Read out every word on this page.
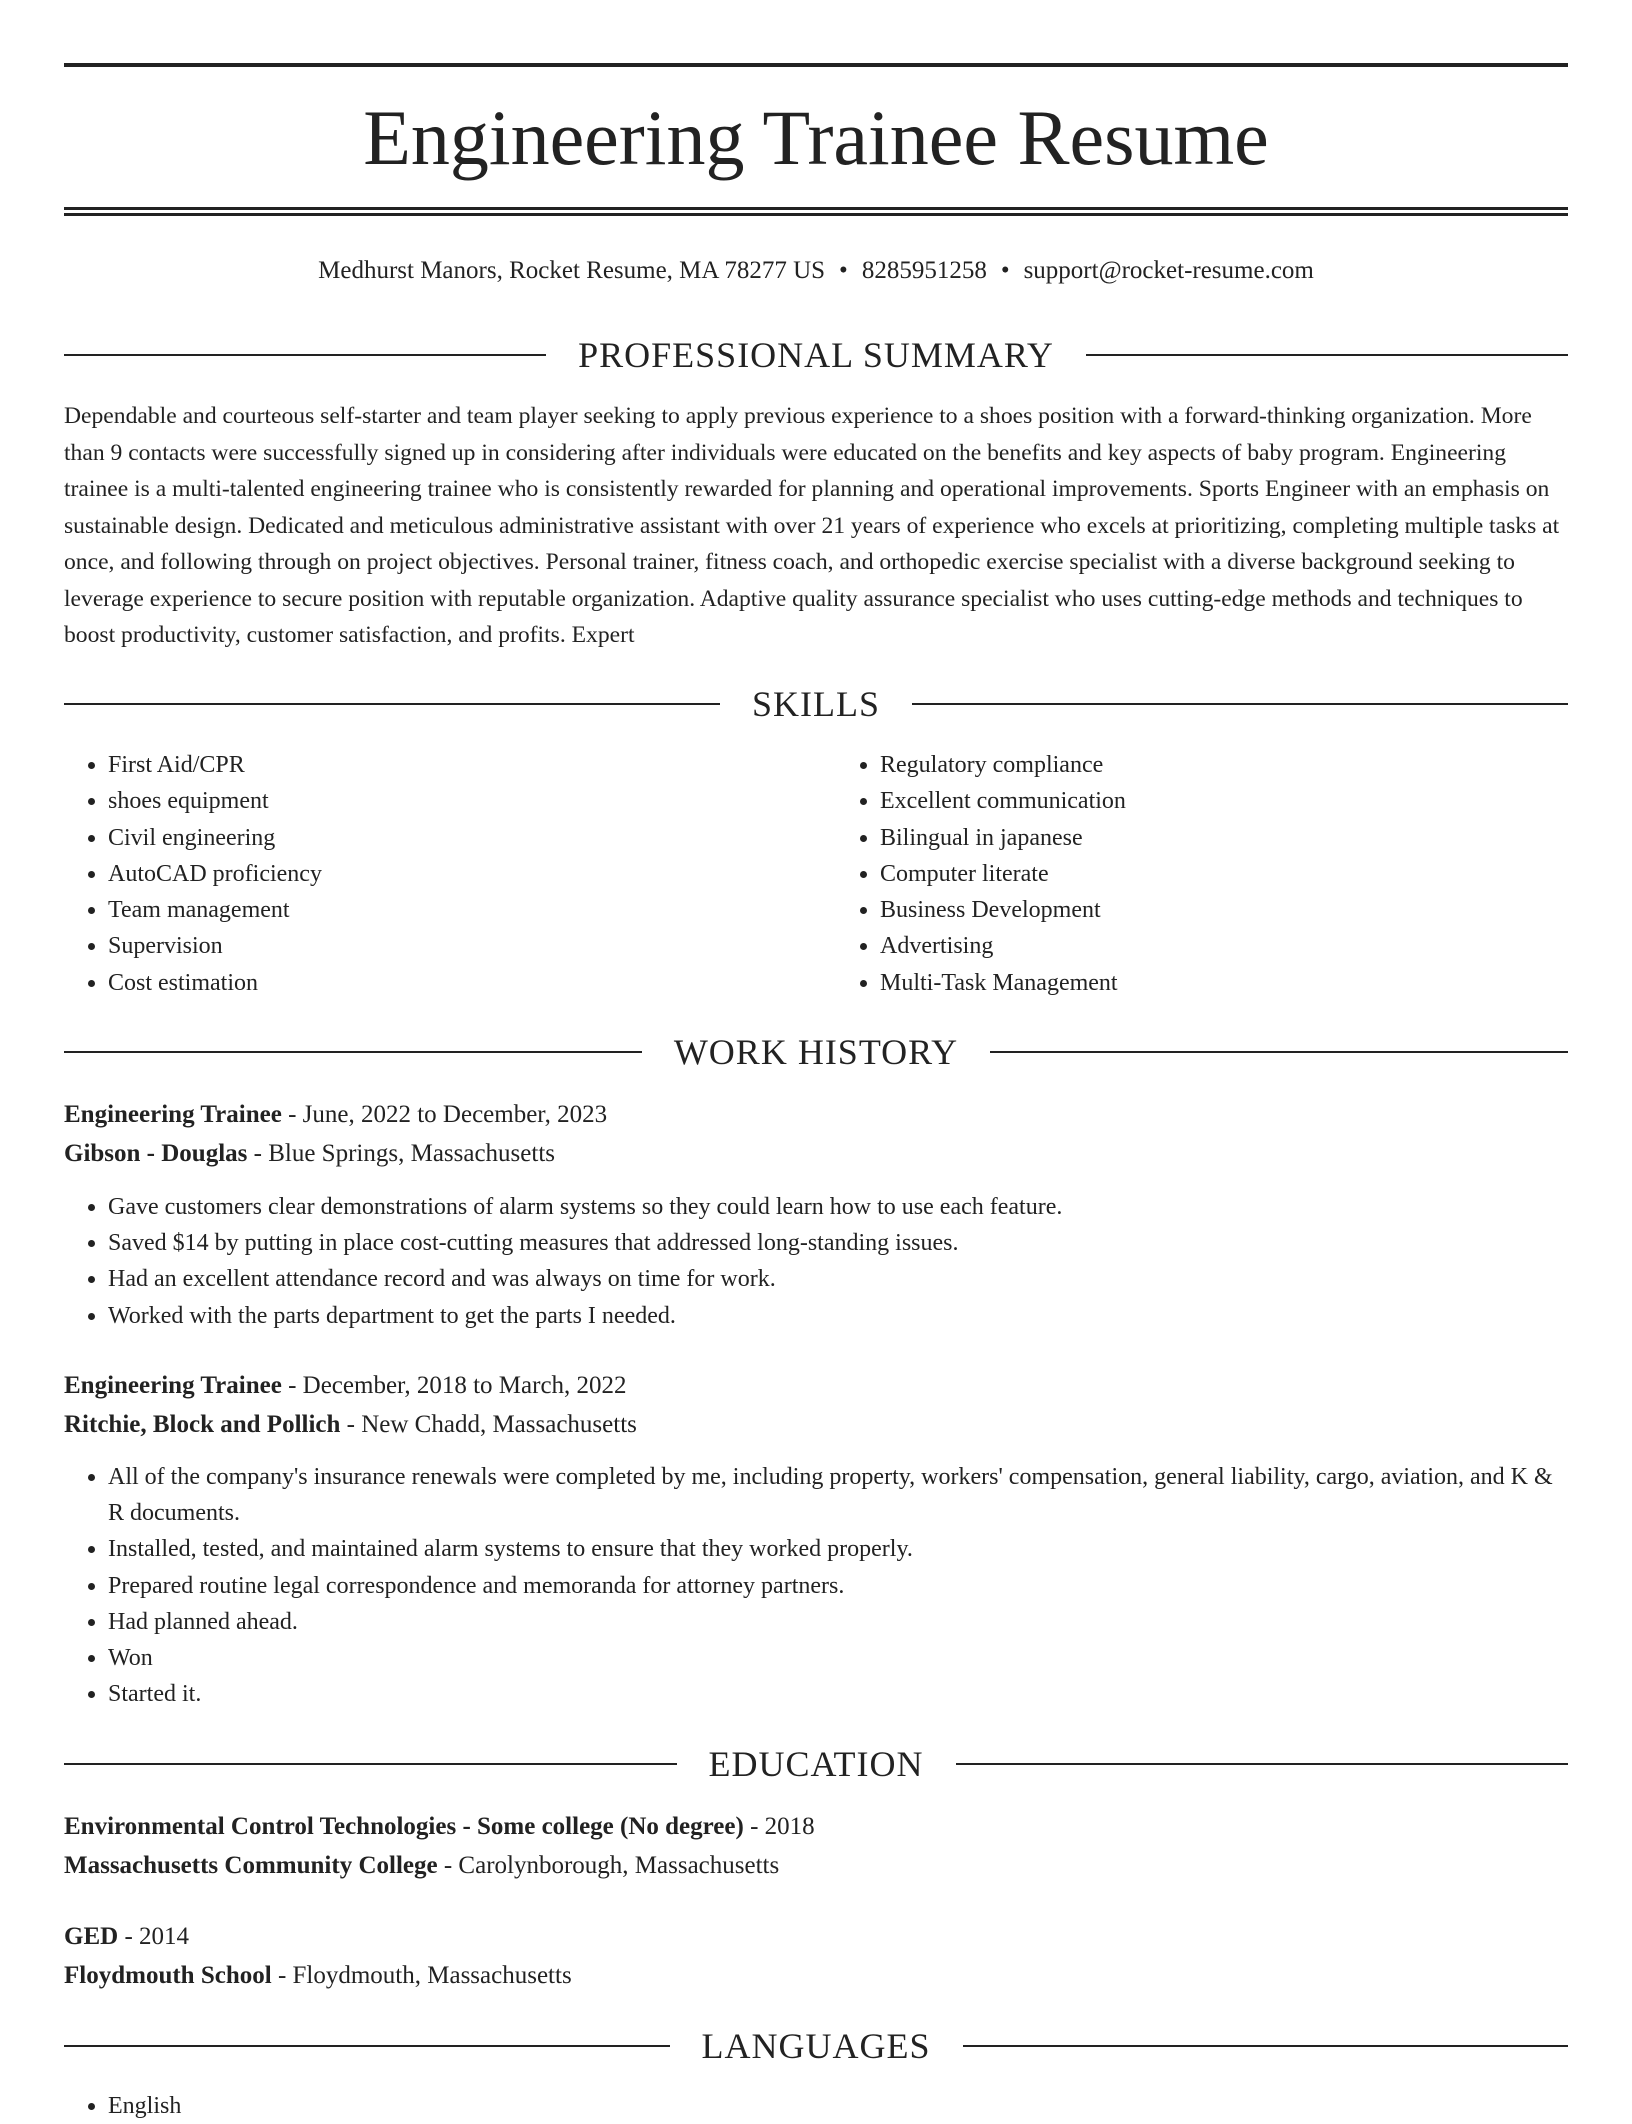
Engineering Trainee Resume
Medhurst Manors, Rocket Resume, MA 78277 US • 8285951258 • support@rocket-resume.com
PROFESSIONAL SUMMARY

Dependable and courteous self-starter and team player seeking to apply previous experience to a shoes position with a forward-thinking organization. More than 9 contacts were successfully signed up in considering after individuals were educated on the benefits and key aspects of baby program. Engineering trainee is a multi-talented engineering trainee who is consistently rewarded for planning and operational improvements. Sports Engineer with an emphasis on sustainable design. Dedicated and meticulous administrative assistant with over 21 years of experience who excels at prioritizing, completing multiple tasks at once, and following through on project objectives. Personal trainer, fitness coach, and orthopedic exercise specialist with a diverse background seeking to leverage experience to secure position with reputable organization. Adaptive quality assurance specialist who uses cutting-edge methods and techniques to boost productivity, customer satisfaction, and profits. Expert

SKILLS
• First Aid/CPR
• shoes equipment
• Civil engineering
• AutoCAD proficiency
• Team management
• Supervision
• Cost estimation
• Regulatory compliance
• Excellent communication
• Bilingual in japanese
• Computer literate
• Business Development
• Advertising
• Multi-Task Management
WORK HISTORY
Engineering Trainee - June, 2022 to December, 2023
Gibson - Douglas - Blue Springs, Massachusetts
• Gave customers clear demonstrations of alarm systems so they could learn how to use each feature.
• Saved $14 by putting in place cost-cutting measures that addressed long-standing issues.
• Had an excellent attendance record and was always on time for work.
• Worked with the parts department to get the parts I needed.
Engineering Trainee - December, 2018 to March, 2022
Ritchie, Block and Pollich - New Chadd, Massachusetts
• All of the company's insurance renewals were completed by me, including property, workers' compensation, general liability, cargo, aviation, and K & R documents.
• Installed, tested, and maintained alarm systems to ensure that they worked properly.
• Prepared routine legal correspondence and memoranda for attorney partners.
• Had planned ahead.
• Won
• Started it.
EDUCATION
Environmental Control Technologies - Some college (No degree) - 2018
Massachusetts Community College - Carolynborough, Massachusetts
GED - 2014
Floydmouth School - Floydmouth, Massachusetts
LANGUAGES
• English
